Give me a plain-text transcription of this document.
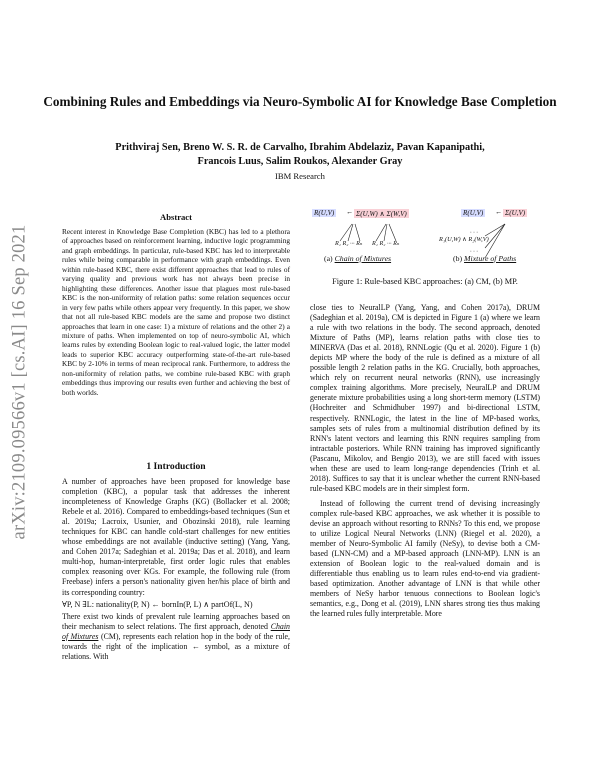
arXiv:2109.09566v1 [cs.AI] 16 Sep 2021
Combining Rules and Embeddings via Neuro-Symbolic AI for Knowledge Base Completion
Prithviraj Sen, Breno W. S. R. de Carvalho, Ibrahim Abdelaziz, Pavan Kapanipathi,
Francois Luus, Salim Roukos, Alexander Gray
IBM Research
Abstract
Recent interest in Knowledge Base Completion (KBC) has led to a plethora of approaches based on reinforcement learning, inductive logic programming and graph embeddings. In particular, rule-based KBC has led to interpretable rules while being comparable in performance with graph embeddings. Even within rule-based KBC, there exist different approaches that lead to rules of varying quality and previous work has not always been precise in highlighting these differences. Another issue that plagues most rule-based KBC is the non-uniformity of relation paths: some relation sequences occur in very few paths while others appear very frequently. In this paper, we show that not all rule-based KBC models are the same and propose two distinct approaches that learn in one case: 1) a mixture of relations and the other 2) a mixture of paths. When implemented on top of neuro-symbolic AI, which learns rules by extending Boolean logic to real-valued logic, the latter model leads to superior KBC accuracy outperforming state-of-the-art rule-based KBC by 2-10% in terms of mean reciprocal rank. Furthermore, to address the non-uniformity of relation paths, we combine rule-based KBC with graph embeddings thus improving our results even further and achieving the best of both worlds.
1 Introduction

A number of approaches have been proposed for knowledge base completion (KBC), a popular task that addresses the inherent incompleteness of Knowledge Graphs (KG) (Bollacker et al. 2008; Rebele et al. 2016). Compared to embeddings-based techniques (Sun et al. 2019a; Lacroix, Usunier, and Obozinski 2018), rule learning techniques for KBC can handle cold-start challenges for new entities whose embeddings are not available (inductive setting) (Yang, Yang, and Cohen 2017a; Sadeghian et al. 2019a; Das et al. 2018), and learn multi-hop, human-interpretable, first order logic rules that enables complex reasoning over KGs. For example, the following rule (from Freebase) infers a person's nationality given her/his place of birth and its corresponding country:

∀P, N ∃L: nationality(P, N) ← bornIn(P, L) ∧ partOf(L, N)

There exist two kinds of prevalent rule learning approaches based on their mechanism to select relations. The first approach, denoted Chain of Mixtures (CM), represents each relation hop in the body of the rule, towards the right of the implication ← symbol, as a mixture of relations. With

R(U,V) ← Σ(U,W) ∧ Σ(W,V)
R₁ R₂ ··· Rₙ	R₁ R₂ ··· Rₙ
R(U,V) ← Σ(U,V)
· · ·
R₁(U,W) ∧ R₂(W,V)
· · ·
(a) Chain of Mixtures	(b) Mixture of Paths
Figure 1: Rule-based KBC approaches: (a) CM, (b) MP.

close ties to NeuralLP (Yang, Yang, and Cohen 2017a), DRUM (Sadeghian et al. 2019a), CM is depicted in Figure 1 (a) where we learn a rule with two relations in the body. The second approach, denoted Mixture of Paths (MP), learns relation paths with close ties to MINERVA (Das et al. 2018), RNNLogic (Qu et al. 2020). Figure 1 (b) depicts MP where the body of the rule is defined as a mixture of all possible length 2 relation paths in the KG. Crucially, both approaches, which rely on recurrent neural networks (RNN), use increasingly complex training algorithms. More precisely, NeuralLP and DRUM generate mixture probabilities using a long short-term memory (LSTM) (Hochreiter and Schmidhuber 1997) and bi-directional LSTM, respectively. RNNLogic, the latest in the line of MP-based works, samples sets of rules from a multinomial distribution defined by its RNN's latent vectors and learning this RNN requires sampling from intractable posteriors. While RNN training has improved significantly (Pascanu, Mikolov, and Bengio 2013), we are still faced with issues when these are used to learn long-range dependencies (Trinh et al. 2018). Suffices to say that it is unclear whether the current RNN-based rule-based KBC models are in their simplest form.

Instead of following the current trend of devising increasingly complex rule-based KBC approaches, we ask whether it is possible to devise an approach without resorting to RNNs? To this end, we propose to utilize Logical Neural Networks (LNN) (Riegel et al. 2020), a member of Neuro-Symbolic AI family (NeSy), to devise both a CM-based (LNN-CM) and a MP-based approach (LNN-MP). LNN is an extension of Boolean logic to the real-valued domain and is differentiable thus enabling us to learn rules end-to-end via gradient-based optimization. Another advantage of LNN is that while other members of NeSy harbor tenuous connections to Boolean logic's semantics, e.g., Dong et al. (2019), LNN shares strong ties thus making the learned rules fully interpretable. More
